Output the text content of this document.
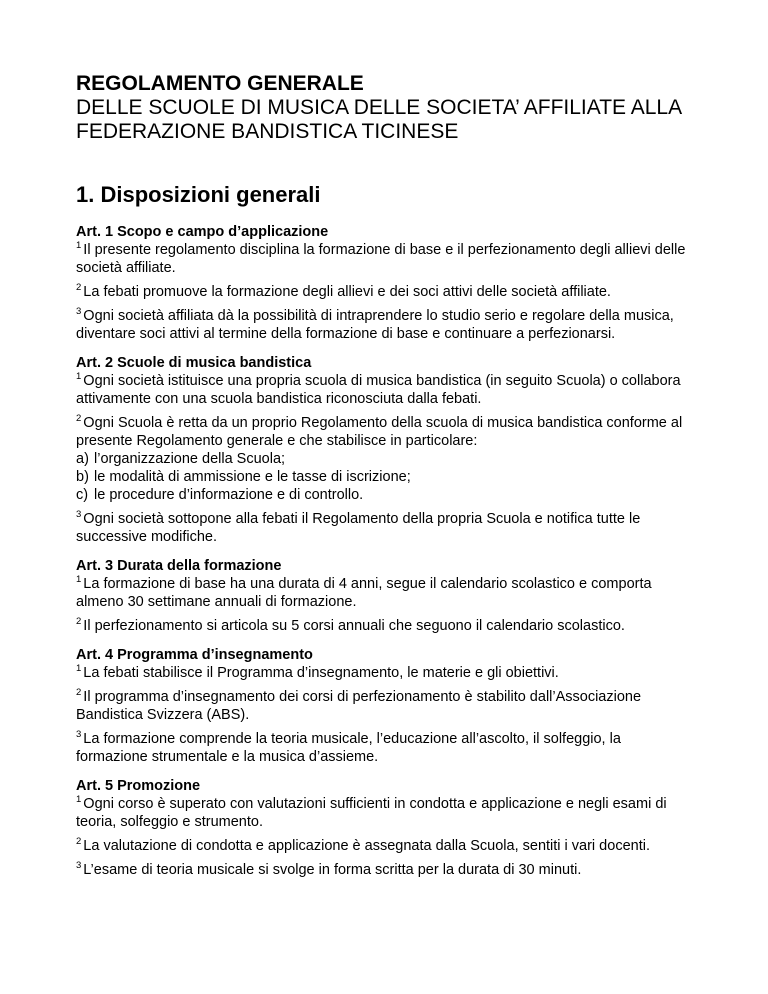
REGOLAMENTO GENERALE
DELLE SCUOLE DI MUSICA DELLE SOCIETA’ AFFILIATE ALLA
FEDERAZIONE BANDISTICA TICINESE
1. Disposizioni generali
Art. 1 Scopo e campo d’applicazione

$^1$ Il presente regolamento disciplina la formazione di base e il perfezionamento degli allievi delle società affiliate.

$^2$ La febati promuove la formazione degli allievi e dei soci attivi delle società affiliate.

$^3$ Ogni società affiliata dà la possibilità di intraprendere lo studio serio e regolare della musica, diventare soci attivi al termine della formazione di base e continuare a perfezionarsi.

Art. 2 Scuole di musica bandistica

$^1$ Ogni società istituisce una propria scuola di musica bandistica (in seguito Scuola) o collabora attivamente con una scuola bandistica riconosciuta dalla febati.

$^2$ Ogni Scuola è retta da un proprio Regolamento della scuola di musica bandistica conforme al presente Regolamento generale e che stabilisce in particolare:

a) l’organizzazione della Scuola;
b) le modalità di ammissione e le tasse di iscrizione;
c) le procedure d’informazione e di controllo.

$^3$ Ogni società sottopone alla febati il Regolamento della propria Scuola e notifica tutte le successive modifiche.

Art. 3 Durata della formazione

$^1$ La formazione di base ha una durata di 4 anni, segue il calendario scolastico e comporta almeno 30 settimane annuali di formazione.

$^2$ Il perfezionamento si articola su 5 corsi annuali che seguono il calendario scolastico.

Art. 4 Programma d’insegnamento

$^1$ La febati stabilisce il Programma d’insegnamento, le materie e gli obiettivi.

$^2$ Il programma d’insegnamento dei corsi di perfezionamento è stabilito dall’Associazione Bandistica Svizzera (ABS).

$^3$ La formazione comprende la teoria musicale, l’educazione all’ascolto, il solfeggio, la formazione strumentale e la musica d’assieme.

Art. 5 Promozione

$^1$ Ogni corso è superato con valutazioni sufficienti in condotta e applicazione e negli esami di teoria, solfeggio e strumento.

$^2$ La valutazione di condotta e applicazione è assegnata dalla Scuola, sentiti i vari docenti.

$^3$ L’esame di teoria musicale si svolge in forma scritta per la durata di 30 minuti.
